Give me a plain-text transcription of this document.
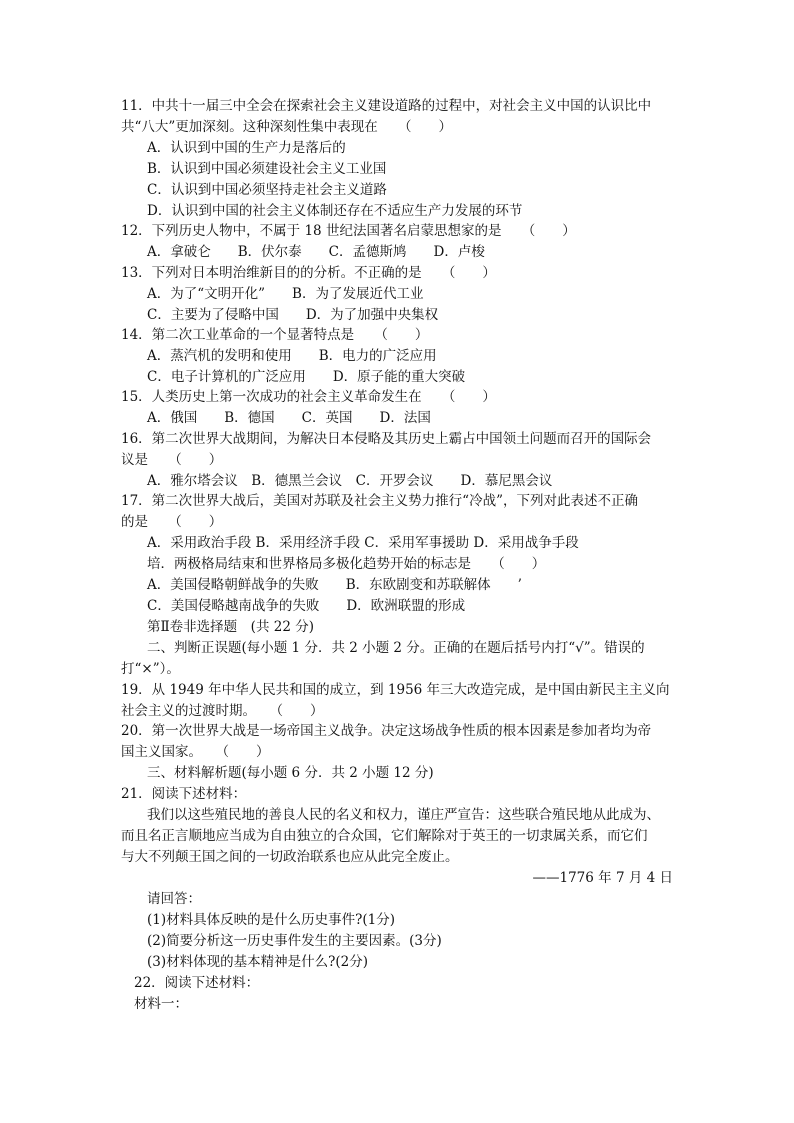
11．中共十一届三中全会在探索社会主义建设道路的过程中，对社会主义中国的认识比中
共“八大”更加深刻。这种深刻性集中表现在　　（　　）
A．认识到中国的生产力是落后的
B．认识到中国必须建设社会主义工业国
C．认识到中国必须坚持走社会主义道路
D．认识到中国的社会主义体制还存在不适应生产力发展的环节
12．下列历史人物中，不属于 18 世纪法国著名启蒙思想家的是　　（　　）
A．拿破仑　　B．伏尔泰　　C．孟德斯鸠　　D．卢梭
13．下列对日本明治维新目的的分析。不正确的是　　（　　）
A．为了“文明开化”　　B．为了发展近代工业
C．主要为了侵略中国　　D．为了加强中央集权
14．第二次工业革命的一个显著特点是　　（　　）
A．蒸汽机的发明和使用　　B．电力的广泛应用
C．电子计算机的广泛应用　　D．原子能的重大突破
15．人类历史上第一次成功的社会主义革命发生在　　（　　）
A．俄国　　B．德国　　C．英国　　D．法国
16．第二次世界大战期间，为解决日本侵略及其历史上霸占中国领土问题而召开的国际会
议是　　（　　）
A．雅尔塔会议　B．德黑兰会议　C．开罗会议　　D．慕尼黑会议
17．第二次世界大战后，美国对苏联及社会主义势力推行“冷战”，下列对此表述不正确
的是　　（　　）
A．采用政治手段 B．采用经济手段 C．采用军事援助 D．采用战争手段
培．两极格局结束和世界格局多极化趋势开始的标志是　　（　　）
A．美国侵略朝鲜战争的失败　　B．东欧剧变和苏联解体　　’
C．美国侵略越南战争的失败　　D．欧洲联盟的形成
第Ⅱ卷非选择题　(共 22 分)
二、判断正误题(每小题 1 分．共 2 小题 2 分。正确的在题后括号内打“√”。错误的
打“×”）。
19．从 1949 年中华人民共和国的成立，到 1956 年三大改造完成，是中国由新民主主义向
社会主义的过渡时期。　　（　　）
20．第一次世界大战是一场帝国主义战争。决定这场战争性质的根本因素是参加者均为帝
国主义国家。　　（　　）
三、材料解析题(每小题 6 分．共 2 小题 12 分)
21．阅读下述材料：
我们以这些殖民地的善良人民的名义和权力，谨庄严宣告：这些联合殖民地从此成为、
而且名正言顺地应当成为自由独立的合众国，它们解除对于英王的一切隶属关系，而它们
与大不列颠王国之间的一切政治联系也应从此完全废止。
——1776 年 7 月 4 日
请回答：
(1)材料具体反映的是什么历史事件?(1分)
(2)简要分析这一历史事件发生的主要因素。(3分)
(3)材料体现的基本精神是什么?(2分)
22．阅读下述材料：
材料一：
